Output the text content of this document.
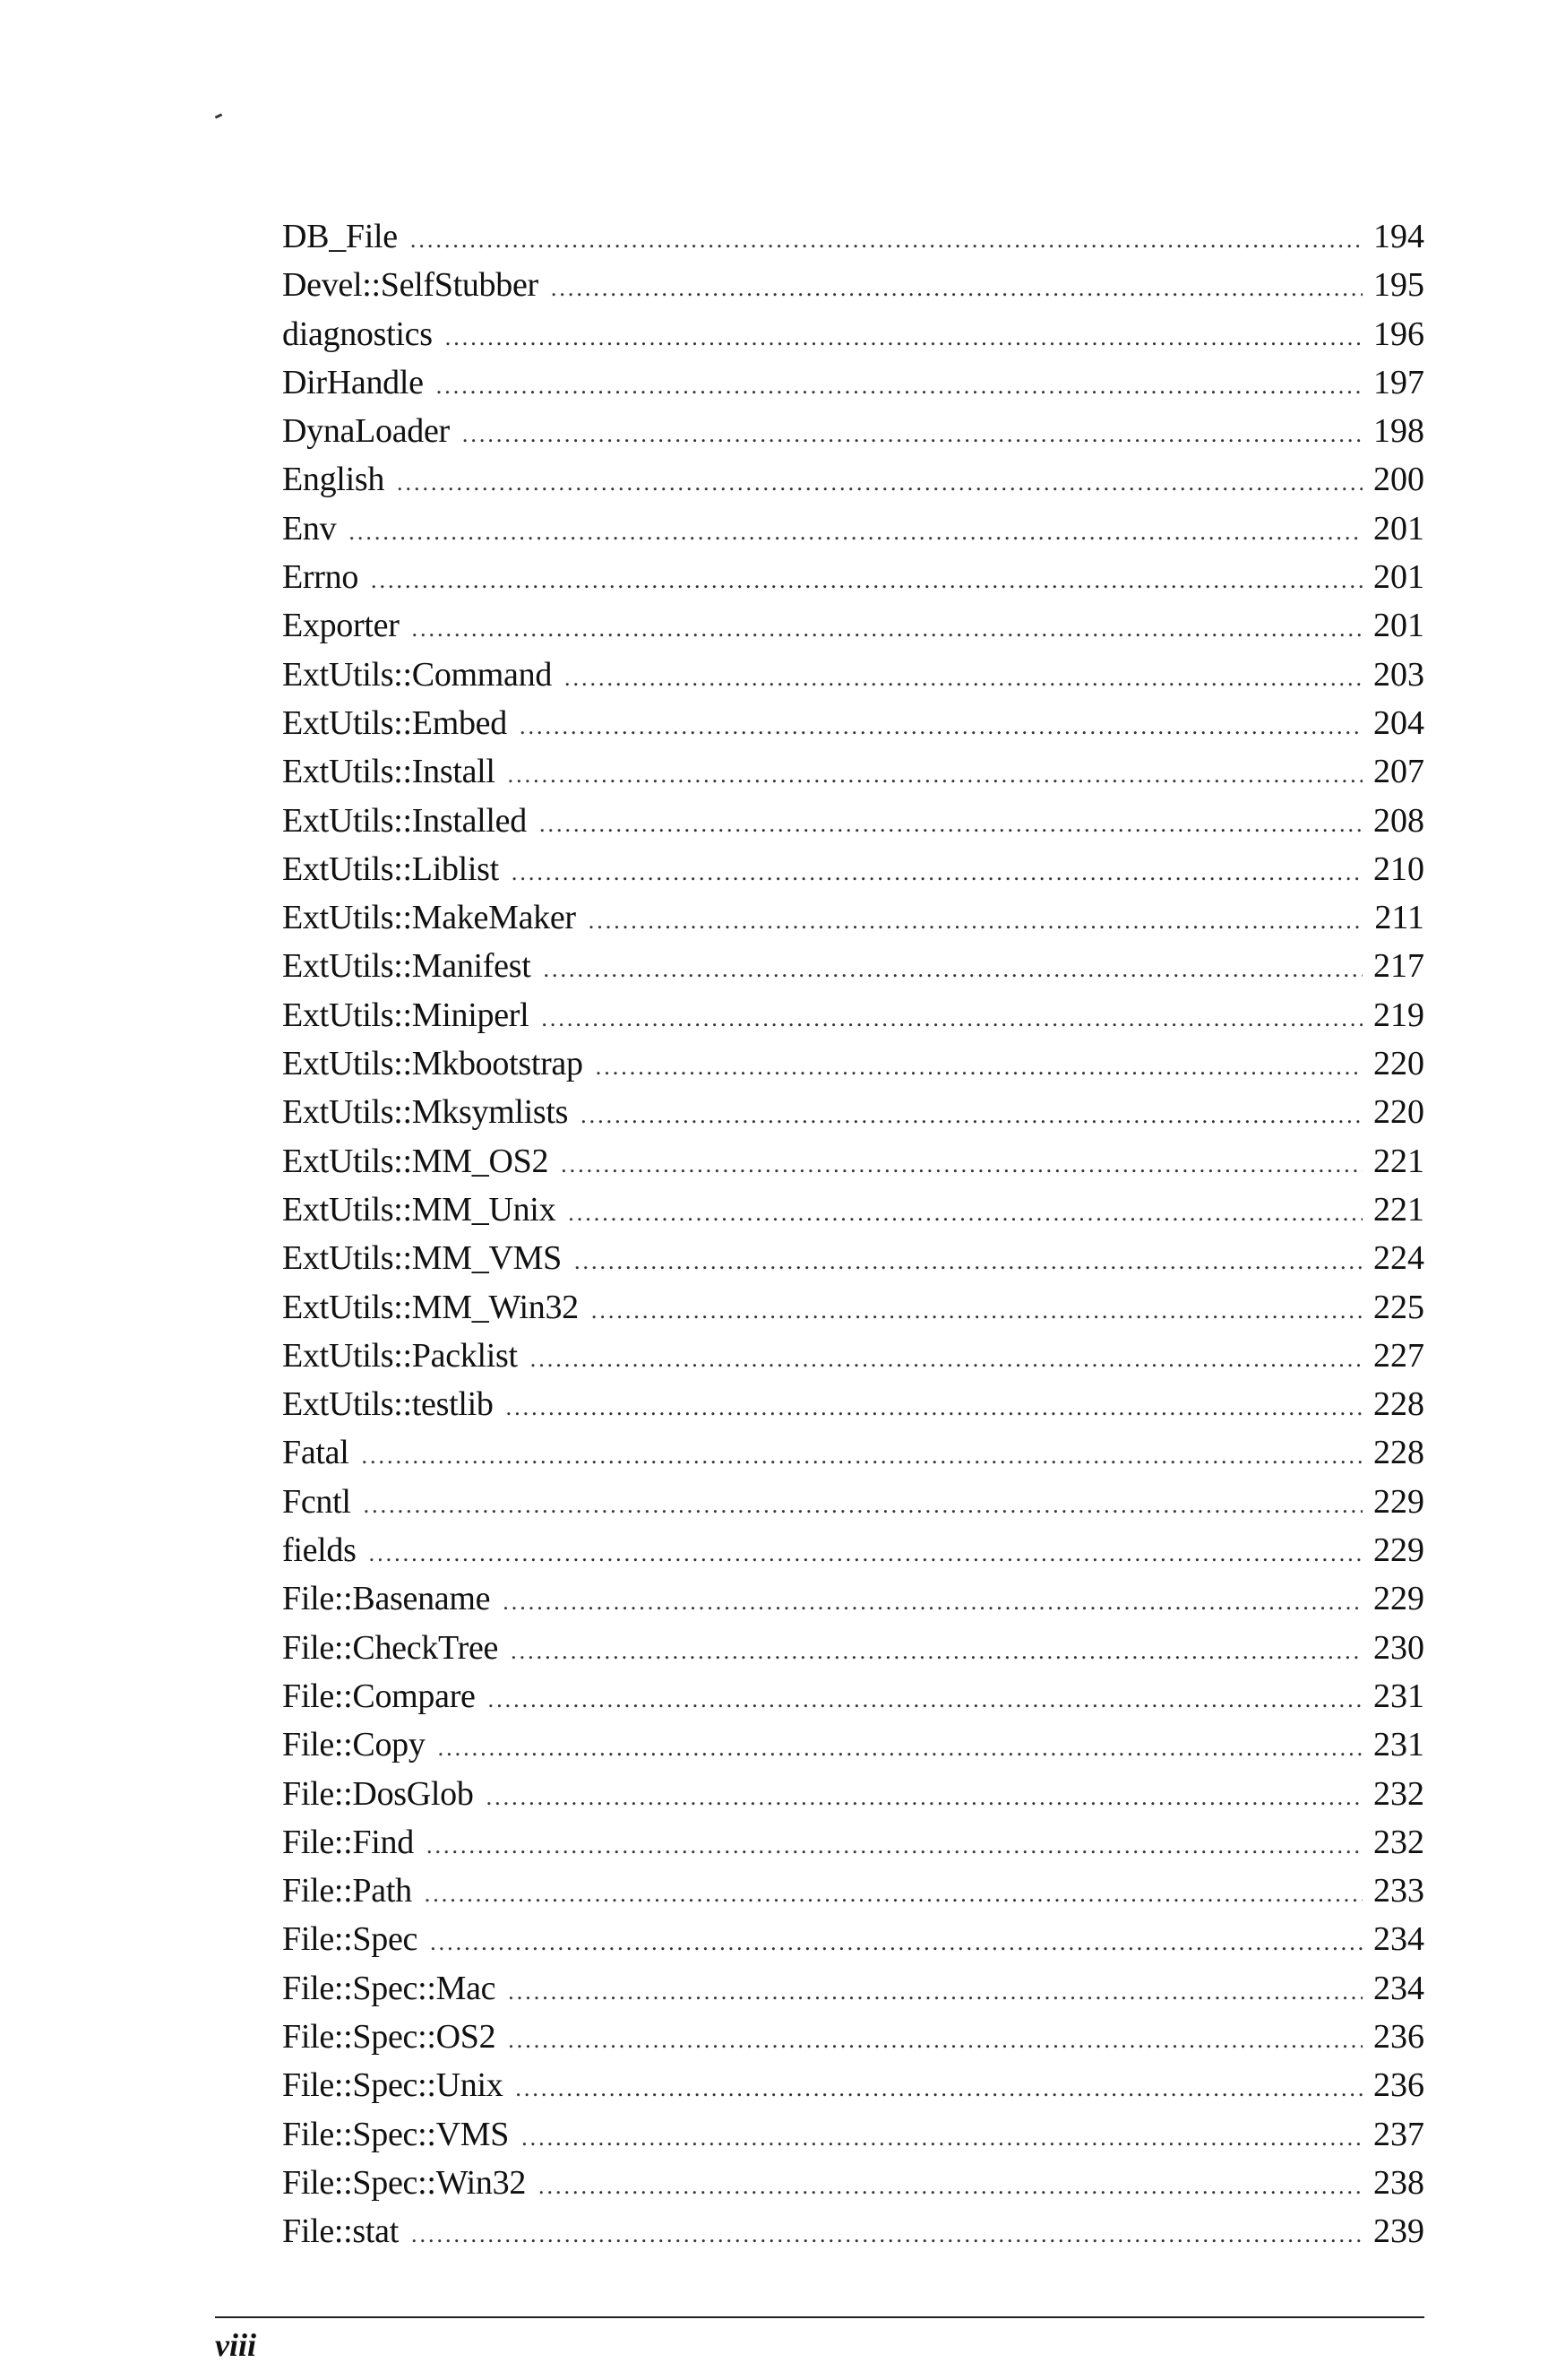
DB_File .....	194
Devel::SelfStubber .....	195
diagnostics .....	196
DirHandle .....	197
DynaLoader .....	198
English .....	200
Env .....	201
Errno .....	201
Exporter .....	201
ExtUtils::Command .....	203
ExtUtils::Embed .....	204
ExtUtils::Install .....	207
ExtUtils::Installed .....	208
ExtUtils::Liblist .....	210
ExtUtils::MakeMaker .....	211
ExtUtils::Manifest .....	217
ExtUtils::Miniperl .....	219
ExtUtils::Mkbootstrap .....	220
ExtUtils::Mksymlists .....	220
ExtUtils::MM_OS2 .....	221
ExtUtils::MM_Unix .....	221
ExtUtils::MM_VMS .....	224
ExtUtils::MM_Win32 .....	225
ExtUtils::Packlist .....	227
ExtUtils::testlib .....	228
Fatal .....	228
Fcntl .....	229
fields .....	229
File::Basename .....	229
File::CheckTree .....	230
File::Compare .....	231
File::Copy .....	231
File::DosGlob .....	232
File::Find .....	232
File::Path .....	233
File::Spec .....	234
File::Spec::Mac .....	234
File::Spec::OS2 .....	236
File::Spec::Unix .....	236
File::Spec::VMS .....	237
File::Spec::Win32 .....	238
File::stat .....	239
viii
